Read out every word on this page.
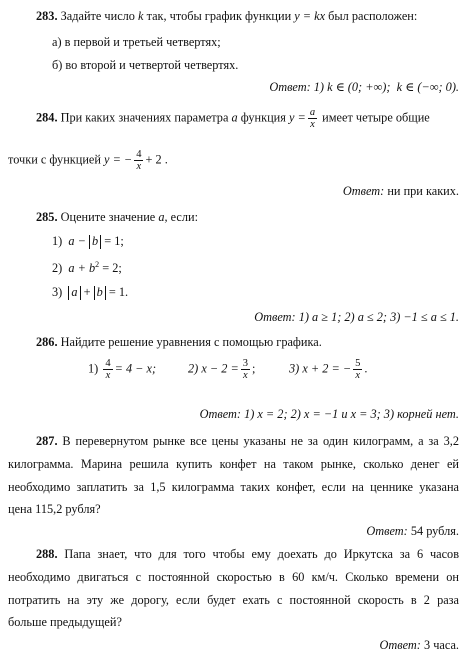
283. Задайте число k так, чтобы график функции y = kx был расположен:
а) в первой и третьей четвертях;
б) во второй и четвертой четвертях.
Ответ: 1) k ∈ (0; +∞); k ∈ (−∞; 0).
284. При каких значениях параметра a функция $y = \frac{a}{x}$ имеет четыре общие
точки с функцией y = − $\frac{4}{x} + 2$ .
Ответ: ни при каких.
285. Оцените значение a, если:
1) a − b = 1;
2) $a + b^2 = 2$;
3) a + b = 1.
Ответ: 1) a ≥ 1; 2) a ≤ 2; 3) −1 ≤ a ≤ 1.
286. Найдите решение уравнения с помощью графика.
$1) \frac{4}{x} = 4 - x$;	2) $x - 2 = \frac{3}{x}$ ;	3) x + 2 = − $\frac{5}{x}$ .
Ответ: 1) x = 2; 2) x = −1 и x = 3; 3) корней нет.
287. В перевернутом рынке все цены указаны не за один килограмм, а за 3,2
килограмма. Марина решила купить конфет на таком рынке, сколько денег ей
необходимо заплатить за 1,5 килограмма таких конфет, если на ценнике указана
цена 115,2 рубля?
Ответ: 54 рубля.
288. Папа знает, что для того чтобы ему доехать до Иркутска за 6 часов
необходимо двигаться с постоянной скоростью в 60 км/ч. Сколько времени он
потратить на эту же дорогу, если будет ехать с постоянной скорость в 2 раза
больше предыдущей?
Ответ: 3 часа.
